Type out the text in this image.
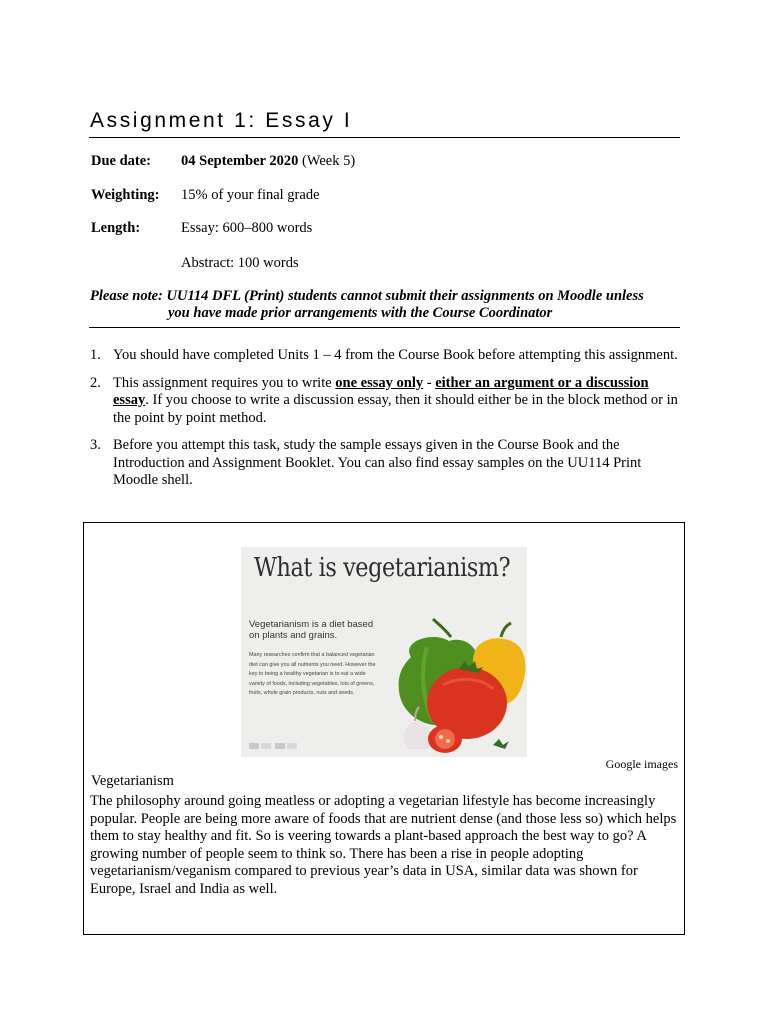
Assignment 1: Essay I
Due date: 04 September 2020 (Week 5)
Weighting: 15% of your final grade
Length:	Essay: 600–800 words
Abstract: 100 words
Please note: UU114 DFL (Print) students cannot submit their assignments on Moodle unless
you have made prior arrangements with the Course Coordinator
1. You should have completed Units 1 – 4 from the Course Book before attempting this assignment.
2. This assignment requires you to write one essay only - either an argument or a discussion essay. If you choose to write a discussion essay, then it should either be in the block method or in the point by point method.
3. Before you attempt this task, study the sample essays given in the Course Book and the Introduction and Assignment Booklet. You can also find essay samples on the UU114 Print Moodle shell.
What is vegetarianism?
Vegetarianism is a diet based on plants and grains.
Many researches confirm that a balanced vegetarian diet can give you all nutrients you need. However the key to being a healthy vegetarian is to eat a wide variety of foods, including vegetables, lots of greens, fruits, whole grain products, nuts and seeds.
Google images
Vegetarianism
The philosophy around going meatless or adopting a vegetarian lifestyle has become increasingly popular. People are being more aware of foods that are nutrient dense (and those less so) which helps them to stay healthy and fit. So is veering towards a plant-based approach the best way to go? A growing number of people seem to think so. There has been a rise in people adopting vegetarianism/veganism compared to previous year’s data in USA, similar data was shown for Europe, Israel and India as well.
